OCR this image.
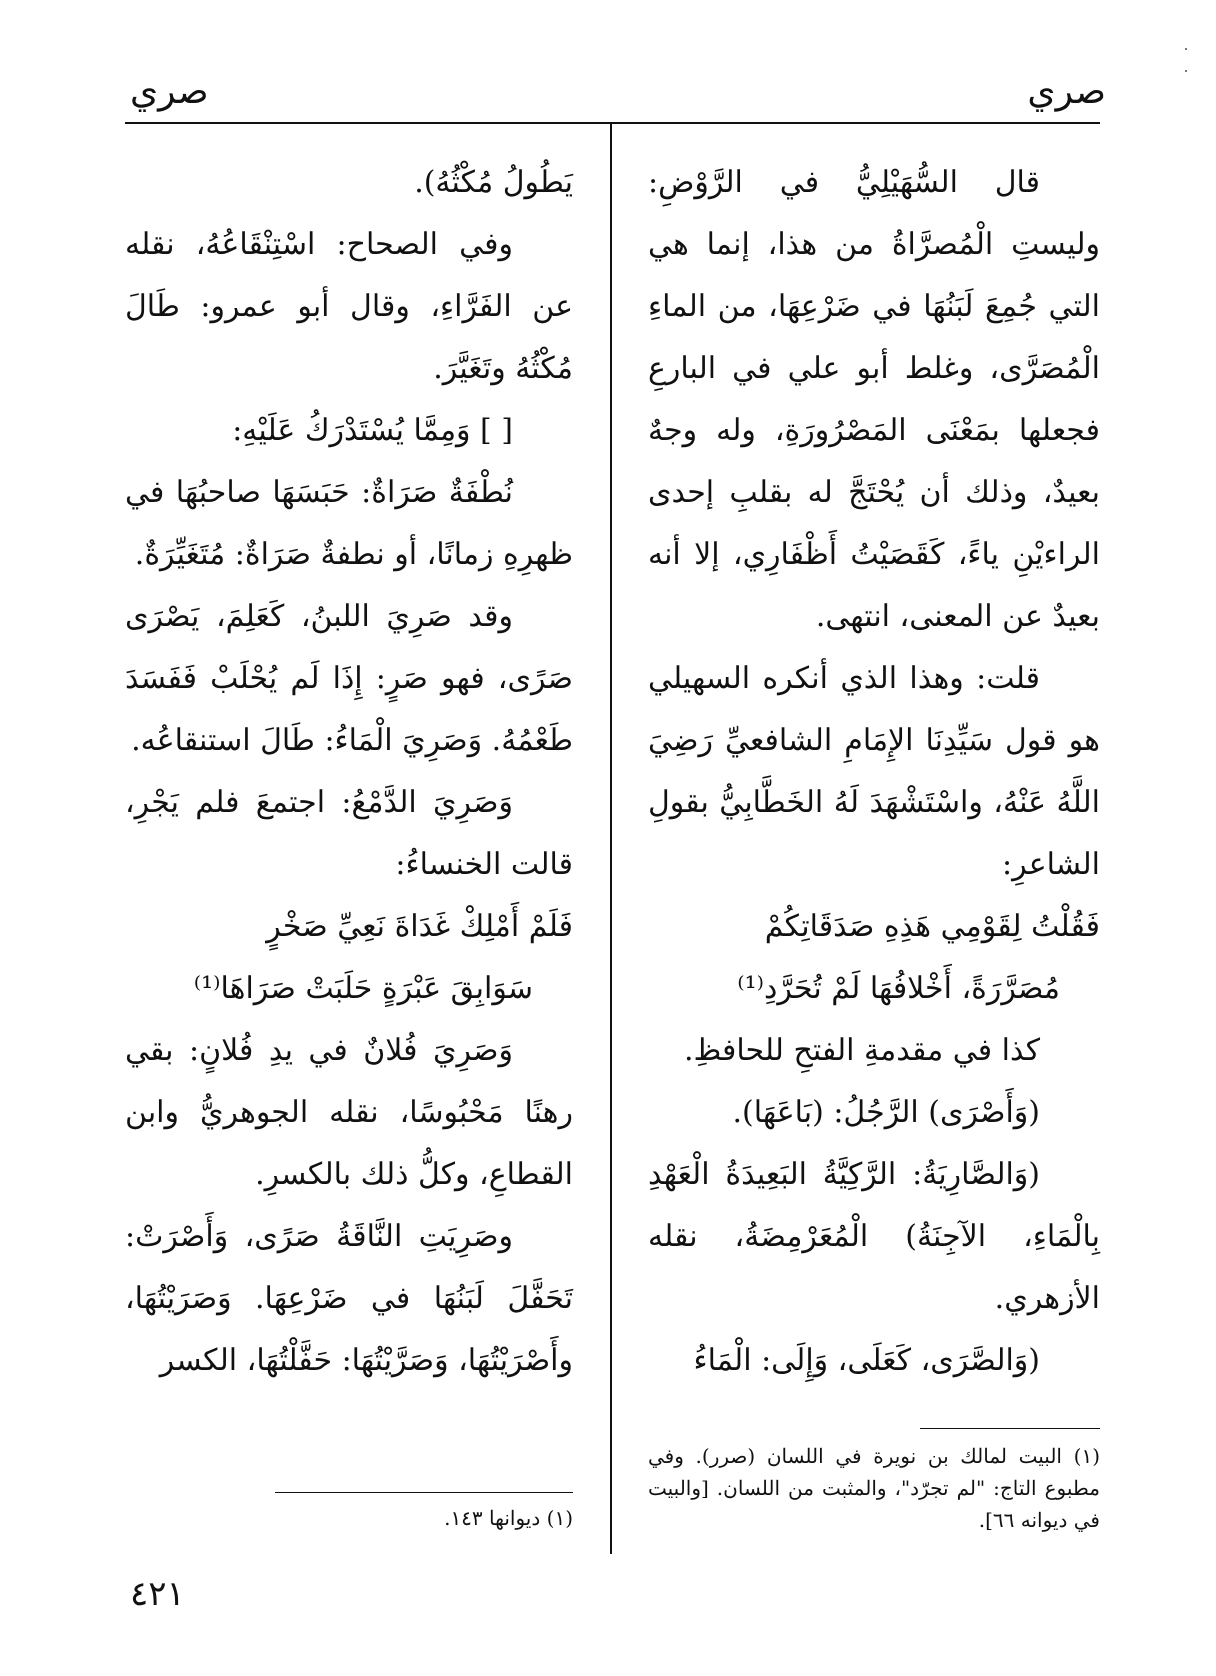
صري
صري

قال السُّهَيْلِيُّ في الرَّوْضِ: وليستِ الْمُصرَّاةُ من هذا، إنما هي التي جُمِعَ لَبَنُهَا في ضَرْعِهَا، من الماءِ الْمُصَرَّى، وغلط أبو علي في البارعِ فجعلها بمَعْنَى المَصْرُورَةِ، وله وجهٌ بعيدٌ، وذلك أن يُحْتَجَّ له بقلبِ إحدى الراءيْنِ ياءً، كَقَصَيْتُ أَظْفَارِي، إلا أنه بعيدٌ عن المعنى، انتهى.

قلت: وهذا الذي أنكره السهيلي هو قول سَيِّدِنَا الإِمَامِ الشافعيِّ رَضِيَ اللَّهُ عَنْهُ، واسْتَشْهَدَ لَهُ الخَطَّابِيُّ بقولِ الشاعرِ:

فَقُلْتُ لِقَوْمِي هَذِهِ صَدَقَاتِكُمْ

مُصَرَّرَةً، أَخْلافُهَا لَمْ تُحَرَّدِ⁽¹⁾

كذا في مقدمةِ الفتحِ للحافظِ.

(وَأَصْرَى) الرَّجُلُ: (بَاعَهَا).

(وَالصَّارِيَةُ: الرَّكِيَّةُ البَعِيدَةُ الْعَهْدِ بِالْمَاءِ، الآجِنَةُ) الْمُعَرْمِضَةُ، نقله الأزهري.

(وَالصَّرَى، كَعَلَى، وَإِلَى: الْمَاءُ

(١) البيت لمالك بن نويرة في اللسان (صرر). وفي مطبوع التاج: "لم تجرّد"، والمثبت من اللسان. [والبيت في ديوانه ٦٦].

يَطُولُ مُكْثُهُ).

وفي الصحاح: اسْتِنْقَاعُهُ، نقله عن الفَرَّاءِ، وقال أبو عمرو: طَالَ مُكْثُهُ وتَغَيَّرَ.

[ ] وَمِمَّا يُسْتَدْرَكُ عَلَيْهِ:

نُطْفَةٌ صَرَاةٌ: حَبَسَهَا صاحبُهَا في ظهرِهِ زمانًا، أو نطفةٌ صَرَاةٌ: مُتَغَيِّرَةٌ.

وقد صَرِيَ اللبنُ، كَعَلِمَ، يَصْرَى صَرًى، فهو صَرٍ: إِذَا لَم يُحْلَبْ فَفَسَدَ طَعْمُهُ. وَصَرِيَ الْمَاءُ: طَالَ استنقاعُه.

وَصَرِيَ الدَّمْعُ: اجتمعَ فلم يَجْرِ، قالت الخنساءُ:

فَلَمْ أَمْلِكْ غَدَاةَ نَعِيِّ صَخْرٍ

سَوَابِقَ عَبْرَةٍ حَلَبَتْ صَرَاهَا⁽¹⁾

وَصَرِيَ فُلانٌ في يدِ فُلانٍ: بقي رهنًا مَحْبُوسًا، نقله الجوهريُّ وابن القطاعِ، وكلُّ ذلك بالكسرِ.

وصَرِيَتِ النَّاقَةُ صَرًى، وَأَصْرَتْ: تَحَفَّلَ لَبَنُهَا في ضَرْعِهَا. وَصَرَيْتُهَا، وأَصْرَيْتُهَا، وَصَرَّيْتُهَا: حَفَّلْتُهَا، الكسر

(١) ديوانها ١٤٣.
٤٢١
